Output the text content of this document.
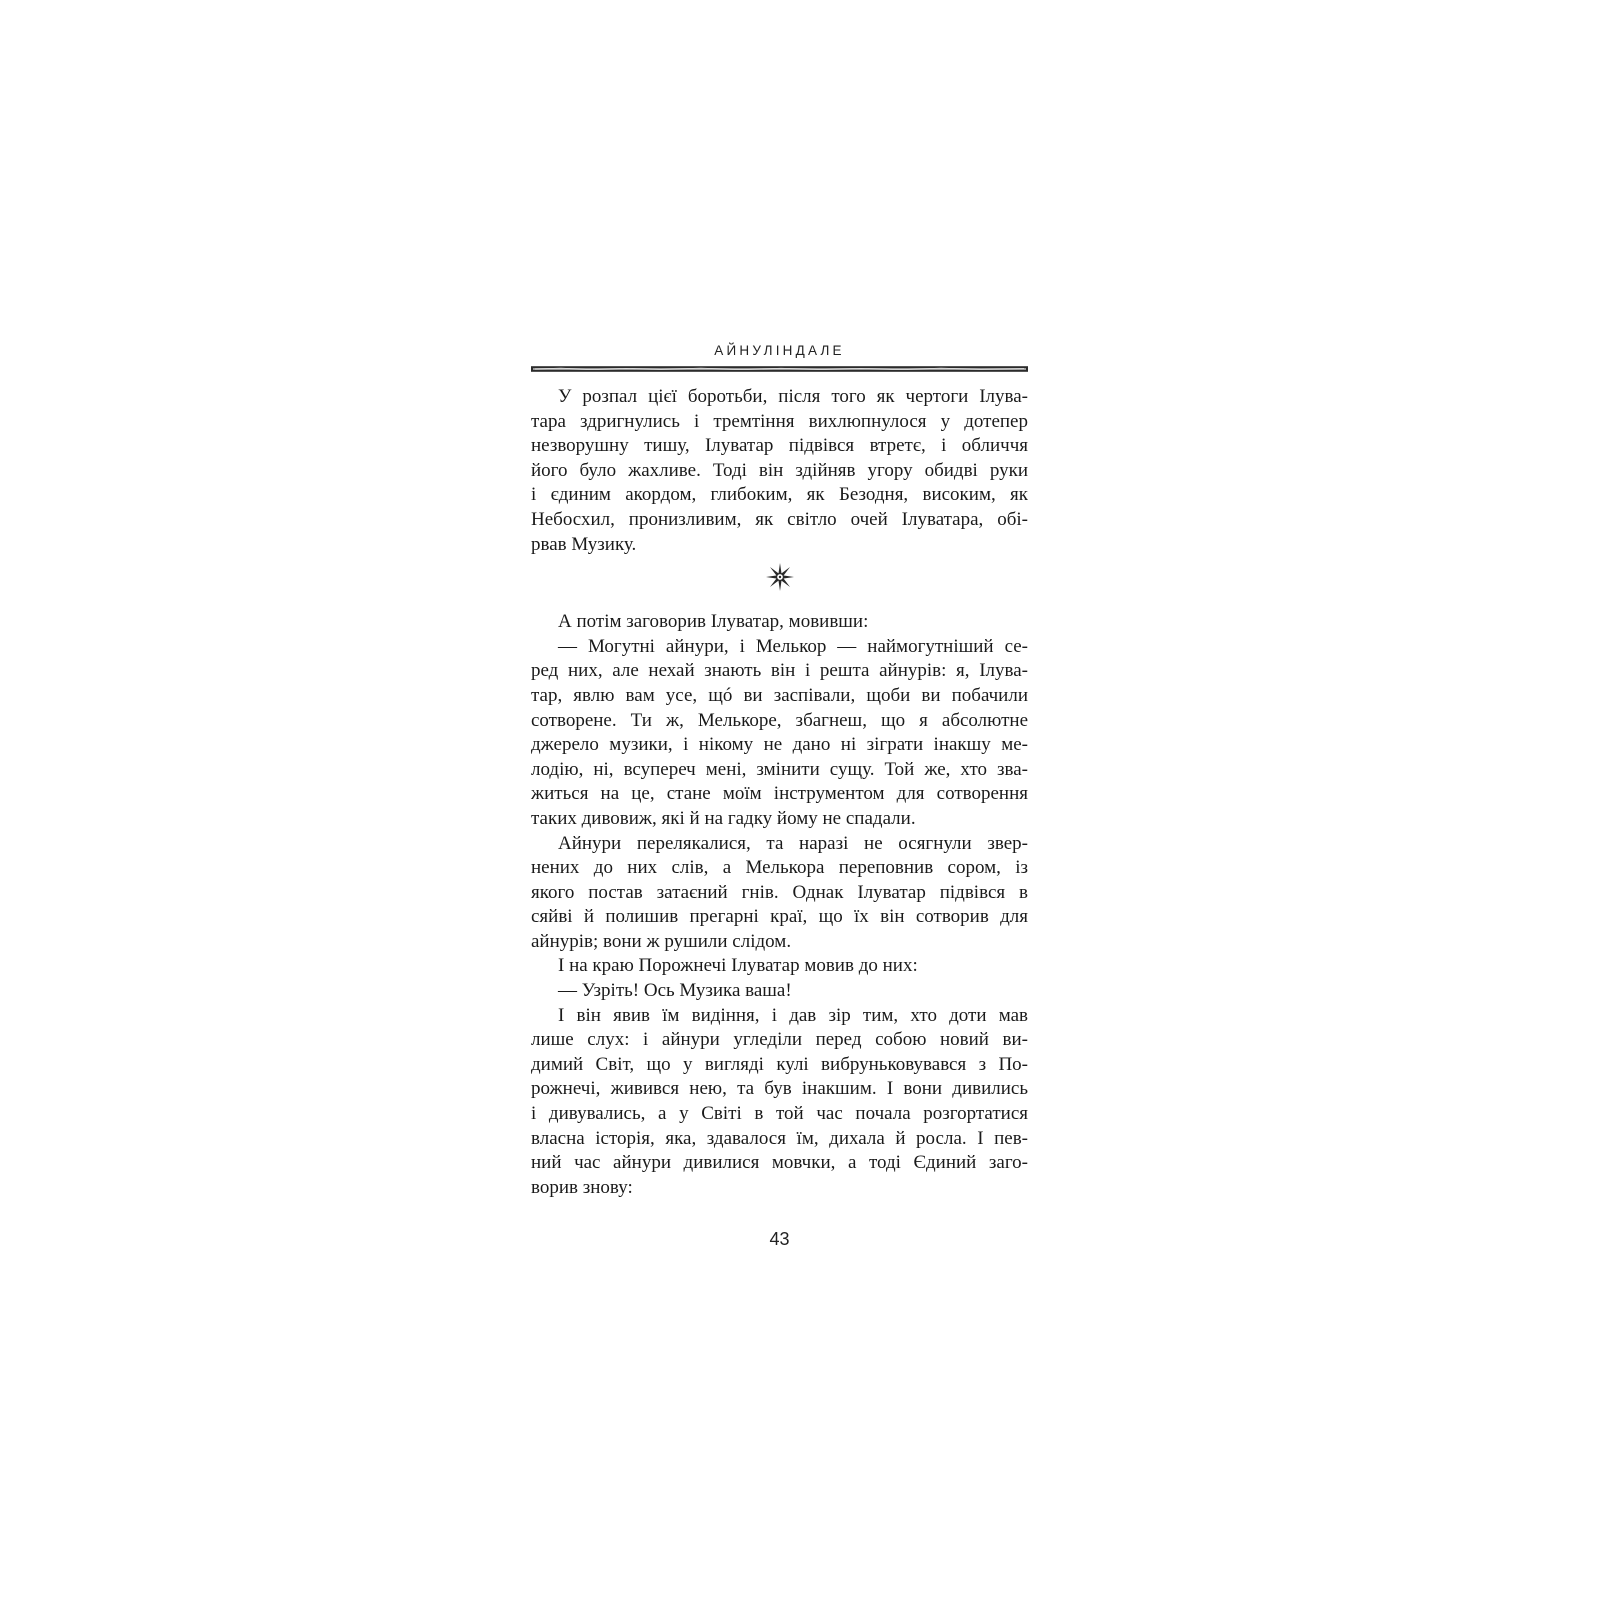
АЙНУЛІНДАЛЕ

У розпал цієї боротьби, після того як чертоги Ілува-
тара здригнулись і тремтіння вихлюпнулося у дотепер
незворушну тишу, Ілуватар підвівся втретє, і обличчя
його було жахливе. Тоді він здійняв угору обидві руки
і єдиним акордом, глибоким, як Безодня, високим, як
Небосхил, пронизливим, як світло очей Ілуватара, обі-
рвав Музику.

А потім заговорив Ілуватар, мовивши:

— Могутні айнури, і Мелькор — наймогутніший се-
ред них, але нехай знають він і решта айнурів: я, Ілува-
тар, явлю вам усе, щó ви заспівали, щоби ви побачили
сотворене. Ти ж, Мелькоре, збагнеш, що я абсолютне
джерело музики, і нікому не дано ні зіграти інакшу ме-
лодію, ні, всупереч мені, змінити сущу. Той же, хто зва-
житься на це, стане моїм інструментом для сотворення
таких дивовиж, які й на гадку йому не спадали.

Айнури перелякалися, та наразі не осягнули звер-
нених до них слів, а Мелькора переповнив сором, із
якого постав затаєний гнів. Однак Ілуватар підвівся в
сяйві й полишив прегарні краї, що їх він сотворив для
айнурів; вони ж рушили слідом.

І на краю Порожнечі Ілуватар мовив до них:

— Узріть! Ось Музика ваша!

І він явив їм видіння, і дав зір тим, хто доти мав
лише слух: і айнури угледіли перед собою новий ви-
димий Світ, що у вигляді кулі вибруньковувався з По-
рожнечі, живився нею, та був інакшим. І вони дивились
і дивувались, а у Світі в той час почала розгортатися
власна історія, яка, здавалося їм, дихала й росла. І пев-
ний час айнури дивилися мовчки, а тоді Єдиний заго-
ворив знову:

43
